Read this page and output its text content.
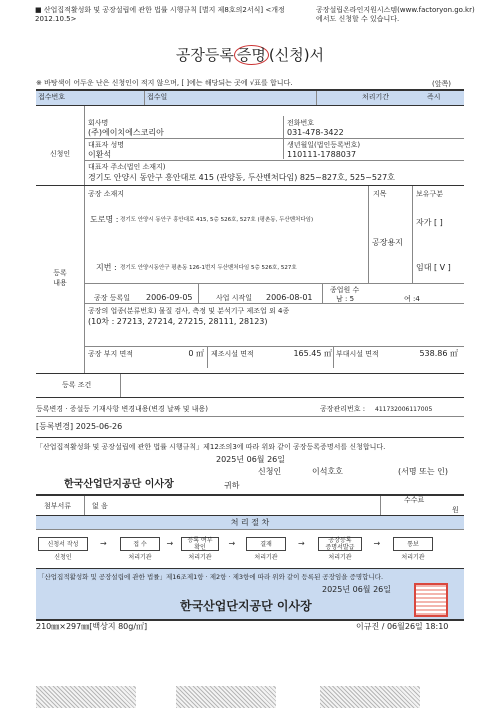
■ 산업집적활성화 및 공장설립에 관한 법률 시행규칙 [별지 제8호의2서식] <개정
2012.10.5>
공장설립온라인지원시스템(www.factoryon.go.kr)
에서도 신청할 수 있습니다.
공장등록 증명 (신청)서
※ 바탕색이 어두운 난은 신청인이 적지 않으며, [ ]에는 해당되는 곳에 √표를 합니다.	(앞쪽)
접수번호	접수일	처리기간	즉시
신청인
회사명
(주)에이치에스코리아
전화번호
031-478-3422
대표자 성명
이환석
생년월일(법인등록번호)
110111-1788037
대표자 주소(법인 소재지)
경기도 안양시 동안구 흥안대로 415 (관양동, 두산벤처다임) 825~827호, 525~527호
등록
내용
공장 소재지
도로명 : 경기도 안양시 동안구 흥안대로 415, 5층 526호, 527호 (평촌동, 두산벤처다임)
지번 : 경기도 안양시동안구 평촌동 126-1번지 두산벤처다임 5층 526호, 527호
지목
공장용지
보유구분
자가 [ ]
임대 [ V ]
공장 등록일 2006-09-05	사업 시작일 2006-08-01
종업원 수
남 : 5	여 :4
공장의 업종(분류번호) 물질 검사, 측정 및 분석기구 제조업 외 4종
(10차 : 27213, 27214, 27215, 28111, 28123)
공장 부지 면적	0 ㎡ 제조시설 면적	165.45 ㎡ 부대시설 면적	538.86 ㎡
등록 조건
등록변경 · 증설등 기재사항 변경내용(변경 날짜 및 내용)	공장관리번호 : 411732006117005
[등록변경] 2025-06-26
「산업집적활성화 및 공장설립에 관한 법률 시행규칙」제12조의3에 따라 위와 같이 공장등록증명서를 신청합니다.
2025년 06월 26일
신청인	이석호호	(서명 또는 인)
한국산업단지공단 이사장	귀하
첨부서류	없 음
수수료
원
처 리 절 차
신청서 작성
신청인
→	접 수
처리기관
→	등록 여부
확인
처리기관
→	결재
처리기관
→	공장등록
증명서발급
처리기관
→	통보
처리기관
「산업집적활성화 및 공장설립에 관한 법률」제16조제1항 · 제2항 · 제3항에 따라 위와 같이 등록된 공장임을 증명합니다.
2025년 06월 26일
한국산업단지공단 이사장
210㎜×297㎜[백상지 80g/㎡]	이규진 / 06월26일 18:10
